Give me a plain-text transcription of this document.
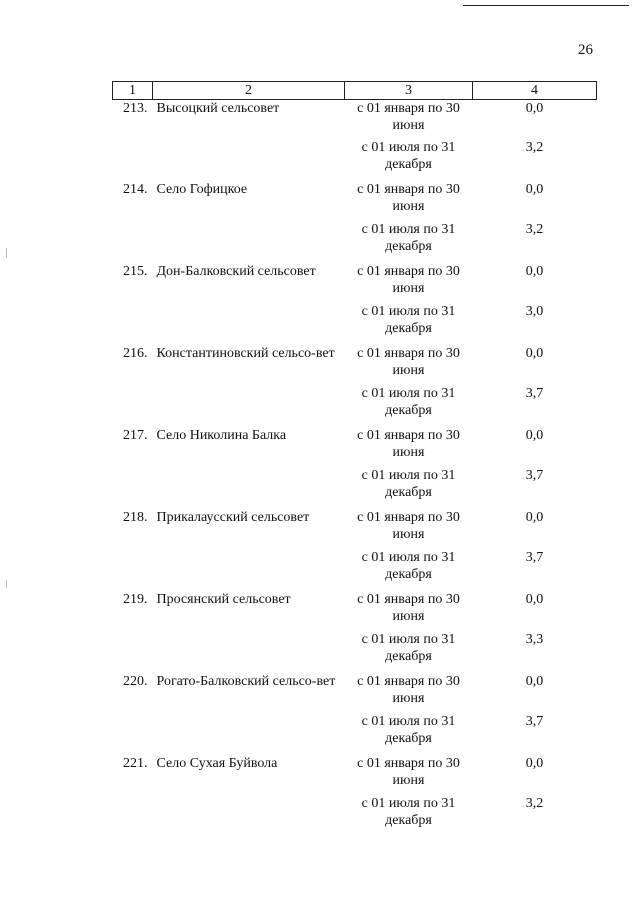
26
1	2	3	4
213.	Высоцкий сельсовет	с 01 января по 30 июня	0,0
		с 01 июля по 31 декабря	3,2
214.	Село Гофицкое	с 01 января по 30 июня	0,0
		с 01 июля по 31 декабря	3,2
215.	Дон-Балковский сельсовет	с 01 января по 30 июня	0,0
		с 01 июля по 31 декабря	3,0
216.	Константиновский сельсо-вет	с 01 января по 30 июня	0,0
		с 01 июля по 31 декабря	3,7
217.	Село Николина Балка	с 01 января по 30 июня	0,0
		с 01 июля по 31 декабря	3,7
218.	Прикалаусский сельсовет	с 01 января по 30 июня	0,0
		с 01 июля по 31 декабря	3,7
219.	Просянский сельсовет	с 01 января по 30 июня	0,0
		с 01 июля по 31 декабря	3,3
220.	Рогато-Балковский сельсо-вет	с 01 января по 30 июня	0,0
		с 01 июля по 31 декабря	3,7
221.	Село Сухая Буйвола	с 01 января по 30 июня	0,0
		с 01 июля по 31 декабря	3,2
